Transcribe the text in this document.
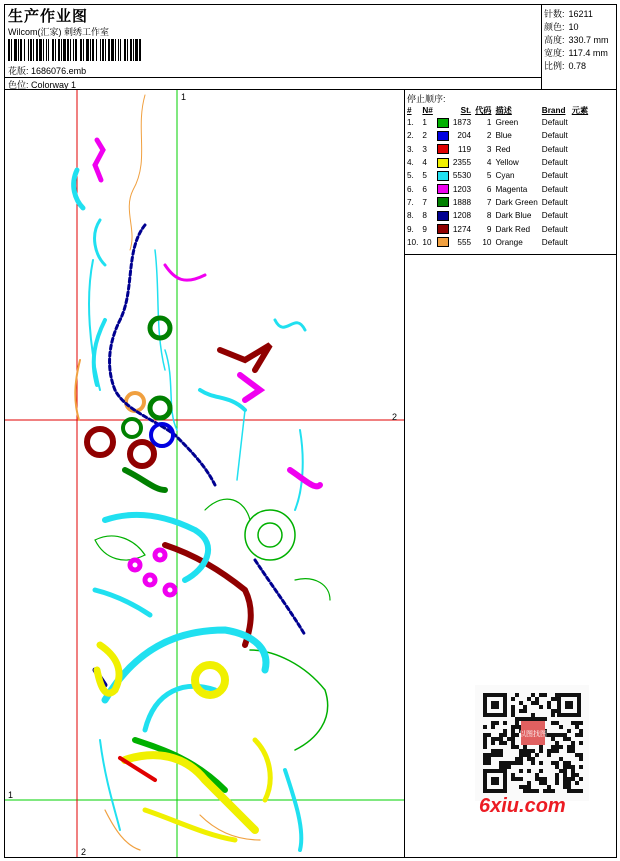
生产作业图
Wilcom(汇家) 刺绣工作室
花版: 1686076.emb
色位: Colorway 1
针数: 16211
颜色: 10
高度: 330.7 mm
宽度: 117.4 mm
比例: 0.78
1
2
1
2
停止顺序:
#	N#		St.	代码	描述	Brand	元素
1.	1		1873	1	Green	Default	
2.	2		204	2	Blue	Default	
3.	3		119	3	Red	Default	
4.	4		2355	4	Yellow	Default	
5.	5		5530	5	Cyan	Default	
6.	6		1203	6	Magenta	Default	
7.	7		1888	7	Dark Green	Default	
8.	8		1208	8	Dark Blue	Default	
9.	9		1274	9	Dark Red	Default	
10.	10		555	10	Orange	Default	
以图找图
6xiu.com
